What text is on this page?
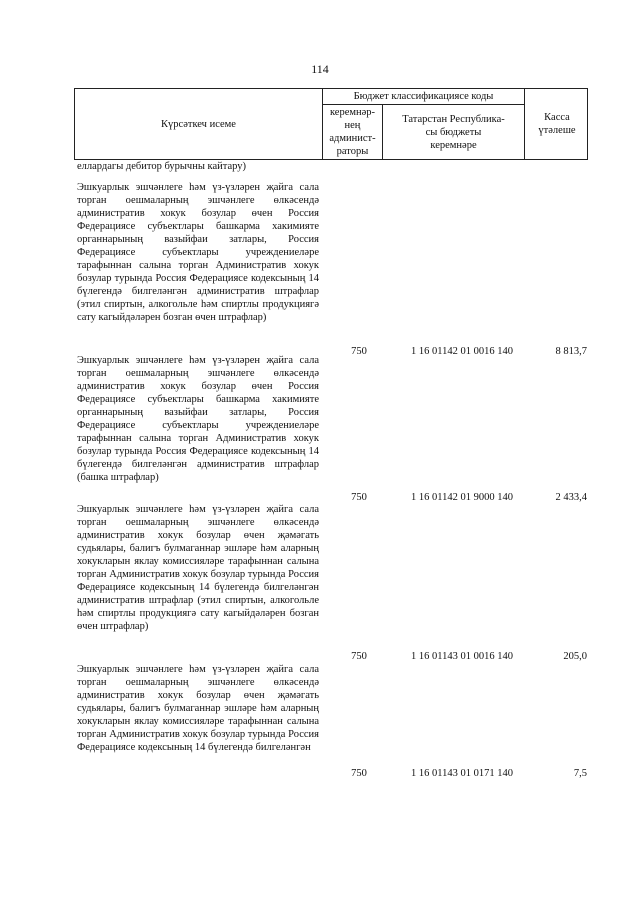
114
Күрсәткеч исеме
Бюджет классификациясе коды
керемнәр-
нең
админист-
раторы
Татарстан Республика-
сы бюджеты
керемнәре
Касса
үтәлеше
еллардагы дебитор бурычны кайтару)
Эшкуарлык эшчәнлеге һәм үз-үзләрен җайга сала торган оешмаларның эшчәнлеге өлкәсендә административ хокук бозулар өчен Россия Федерациясе субъектлары башкарма хакимияте органнарының вазыйфаи затлары, Россия Федерациясе субъектлары учреждениеләре тарафыннан салына торган Административ хокук бозулар турында Россия Федерациясе кодексының 14 бүлегендә билгеләнгән административ штрафлар (этил спиртын, алкогольле һәм спиртлы продукциягә сату кагыйдәләрен бозган өчен штрафлар)
750	1 16 01142 01 0016 140	8 813,7
Эшкуарлык эшчәнлеге һәм үз-үзләрен җайга сала торган оешмаларның эшчәнлеге өлкәсендә административ хокук бозулар өчен Россия Федерациясе субъектлары башкарма хакимияте органнарының вазыйфаи затлары, Россия Федерациясе субъектлары учреждениеләре тарафыннан салына торган Административ хокук бозулар турында Россия Федерациясе кодексының 14 бүлегендә билгеләнгән административ штрафлар (башка штрафлар)
750	1 16 01142 01 9000 140	2 433,4
Эшкуарлык эшчәнлеге һәм үз-үзләрен җайга сала торган оешмаларның эшчәнлеге өлкәсендә административ хокук бозулар өчен җәмәгать судьялары, балигъ булмаганнар эшләре һәм аларның хокукларын яклау комиссияләре тарафыннан салына торган Административ хокук бозулар турында Россия Федерациясе кодексының 14 бүлегендә билгеләнгән административ штрафлар (этил спиртын, алкогольле һәм спиртлы продукциягә сату кагыйдәләрен бозган өчен штрафлар)
750	1 16 01143 01 0016 140	205,0
Эшкуарлык эшчәнлеге һәм үз-үзләрен җайга сала торган оешмаларның эшчәнлеге өлкәсендә административ хокук бозулар өчен җәмәгать судьялары, балигъ булмаганнар эшләре һәм аларның хокукларын яклау комиссияләре тарафыннан салына торган Административ хокук бозулар турында Россия Федерациясе кодексының 14 бүлегендә билгеләнгән
750	1 16 01143 01 0171 140	7,5
